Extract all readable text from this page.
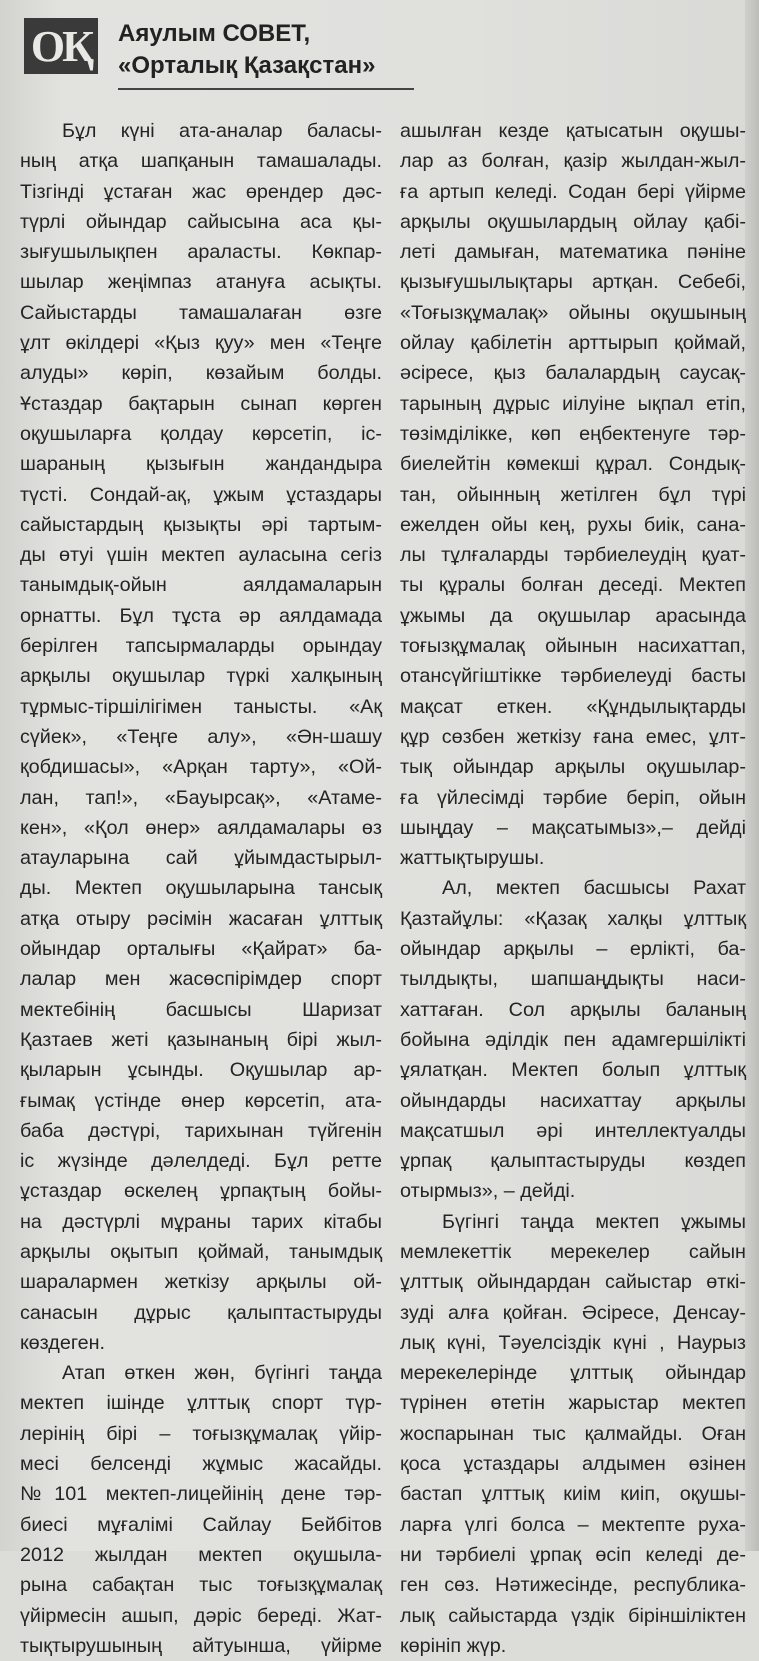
ОҚ Аяулым СОВЕТ,
«Орталық Қазақстан»
Бұл күні ата-аналар баласы-
ның атқа шапқанын тамашалады.
Тізгінді ұстаған жас өрендер дәс-
түрлі ойындар сайысына аса қы-
зығушылықпен араласты. Көкпар-
шылар жеңімпаз атануға асықты.
Сайыстарды тамашалаған өзге
ұлт өкілдері «Қыз қуу» мен «Теңге
алуды» көріп, көзайым болды.
Ұстаздар бақтарын сынап көрген
оқушыларға қолдау көрсетіп, іс-
шараның қызығын жандандыра
түсті. Сондай-ақ, ұжым ұстаздары
сайыстардың қызықты әрі тартым-
ды өтуі үшін мектеп ауласына сегіз
танымдық-ойын аялдамаларын
орнатты. Бұл тұста әр аялдамада
берілген тапсырмаларды орындау
арқылы оқушылар түркі халқының
тұрмыс-тіршілігімен танысты. «Ақ
сүйек», «Теңге алу», «Ән-шашу
қобдишасы», «Арқан тарту», «Ой-
лан, тап!», «Бауырсақ», «Атаме-
кен», «Қол өнер» аялдамалары өз
атауларына сай ұйымдастырыл-
ды. Мектеп оқушыларына тансық
атқа отыру рәсімін жасаған ұлттық
ойындар орталығы «Қайрат» ба-
лалар мен жасөспірімдер спорт
мектебінің басшысы Шаризат
Қазтаев жеті қазынаның бірі жыл-
қыларын ұсынды. Оқушылар ар-
ғымақ үстінде өнер көрсетіп, ата-
баба дәстүрі, тарихынан түйгенін
іс жүзінде дәлелдеді. Бұл ретте
ұстаздар өскелең ұрпақтың бойы-
на дәстүрлі мұраны тарих кітабы
арқылы оқытып қоймай, танымдық
шаралармен жеткізу арқылы ой-
санасын дұрыс қалыптастыруды
көздеген.
Атап өткен жөн, бүгінгі таңда
мектеп ішінде ұлттық спорт түр-
лерінің бірі – тоғызқұмалақ үйір-
месі белсенді жұмыс жасайды.
№101 мектеп-лицейінің дене тәр-
биесі мұғалімі Сайлау Бейбітов
2012 жылдан мектеп оқушыла-
рына сабақтан тыс тоғызқұмалақ
үйірмесін ашып, дәріс береді. Жат-
тықтырушының айтуынша, үйірме
ашылған кезде қатысатын оқушы-
лар аз болған, қазір жылдан-жыл-
ға артып келеді. Содан бері үйірме
арқылы оқушылардың ойлау қабі-
леті дамыған, математика пәніне
қызығушылықтары артқан. Себебі,
«Тоғызқұмалақ» ойыны оқушының
ойлау қабілетін арттырып қоймай,
әсіресе, қыз балалардың саусақ-
тарының дұрыс иілуіне ықпал етіп,
төзімділікке, көп еңбектенуге тәр-
биелейтін көмекші құрал. Сондық-
тан, ойынның жетілген бұл түрі
ежелден ойы кең, рухы биік, сана-
лы тұлғаларды тәрбиелеудің қуат-
ты құралы болған деседі. Мектеп
ұжымы да оқушылар арасында
тоғызқұмалақ ойынын насихаттап,
отансүйгіштікке тәрбиелеуді басты
мақсат еткен. «Құндылықтарды
құр сөзбен жеткізу ғана емес, ұлт-
тық ойындар арқылы оқушылар-
ға үйлесімді тәрбие беріп, ойын
шыңдау – мақсатымыз»,– дейді
жаттықтырушы.
Ал, мектеп басшысы Рахат
Қазтайұлы: «Қазақ халқы ұлттық
ойындар арқылы – ерлікті, ба-
тылдықты, шапшаңдықты наси-
хаттаған. Сол арқылы баланың
бойына әділдік пен адамгершілікті
ұялатқан. Мектеп болып ұлттық
ойындарды насихаттау арқылы
мақсатшыл әрі интеллектуалды
ұрпақ қалыптастыруды көздеп
отырмыз», – дейді.
Бүгінгі таңда мектеп ұжымы
мемлекеттік мерекелер сайын
ұлттық ойындардан сайыстар өткі-
зуді алға қойған. Әсіресе, Денсау-
лық күні, Тәуелсіздік күні , Наурыз
мерекелерінде ұлттық ойындар
түрінен өтетін жарыстар мектеп
жоспарынан тыс қалмайды. Оған
қоса ұстаздары алдымен өзінен
бастап ұлттық киім киіп, оқушы-
ларға үлгі болса – мектепте руха-
ни тәрбиелі ұрпақ өсіп келеді де-
ген сөз. Нәтижесінде, республика-
лық сайыстарда үздік біріншіліктен
көрініп жүр.
